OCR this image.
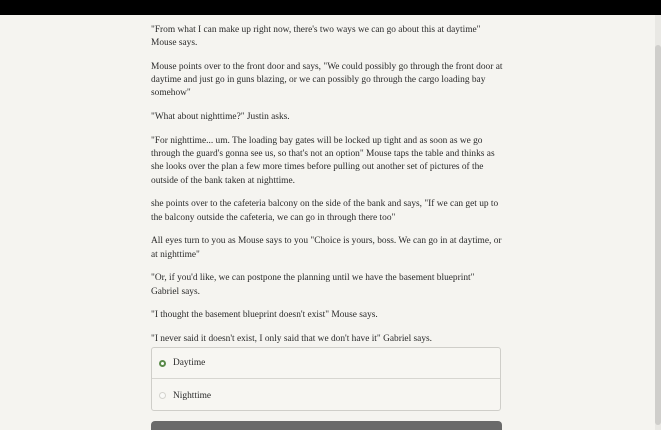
"From what I can make up right now, there's two ways we can go about this at daytime" Mouse says.

Mouse points over to the front door and says, "We could possibly go through the front door at daytime and just go in guns blazing, or we can possibly go through the cargo loading bay somehow"

"What about nighttime?" Justin asks.

"For nighttime... um. The loading bay gates will be locked up tight and as soon as we go through the guard's gonna see us, so that's not an option" Mouse taps the table and thinks as she looks over the plan a few more times before pulling out another set of pictures of the outside of the bank taken at nighttime.

she points over to the cafeteria balcony on the side of the bank and says, "If we can get up to the balcony outside the cafeteria, we can go in through there too"

All eyes turn to you as Mouse says to you "Choice is yours, boss. We can go in at daytime, or at nighttime"

"Or, if you'd like, we can postpone the planning until we have the basement blueprint" Gabriel says.

"I thought the basement blueprint doesn't exist" Mouse says.

"I never said it doesn't exist, I only said that we don't have it" Gabriel says.

Daytime
Nighttime
